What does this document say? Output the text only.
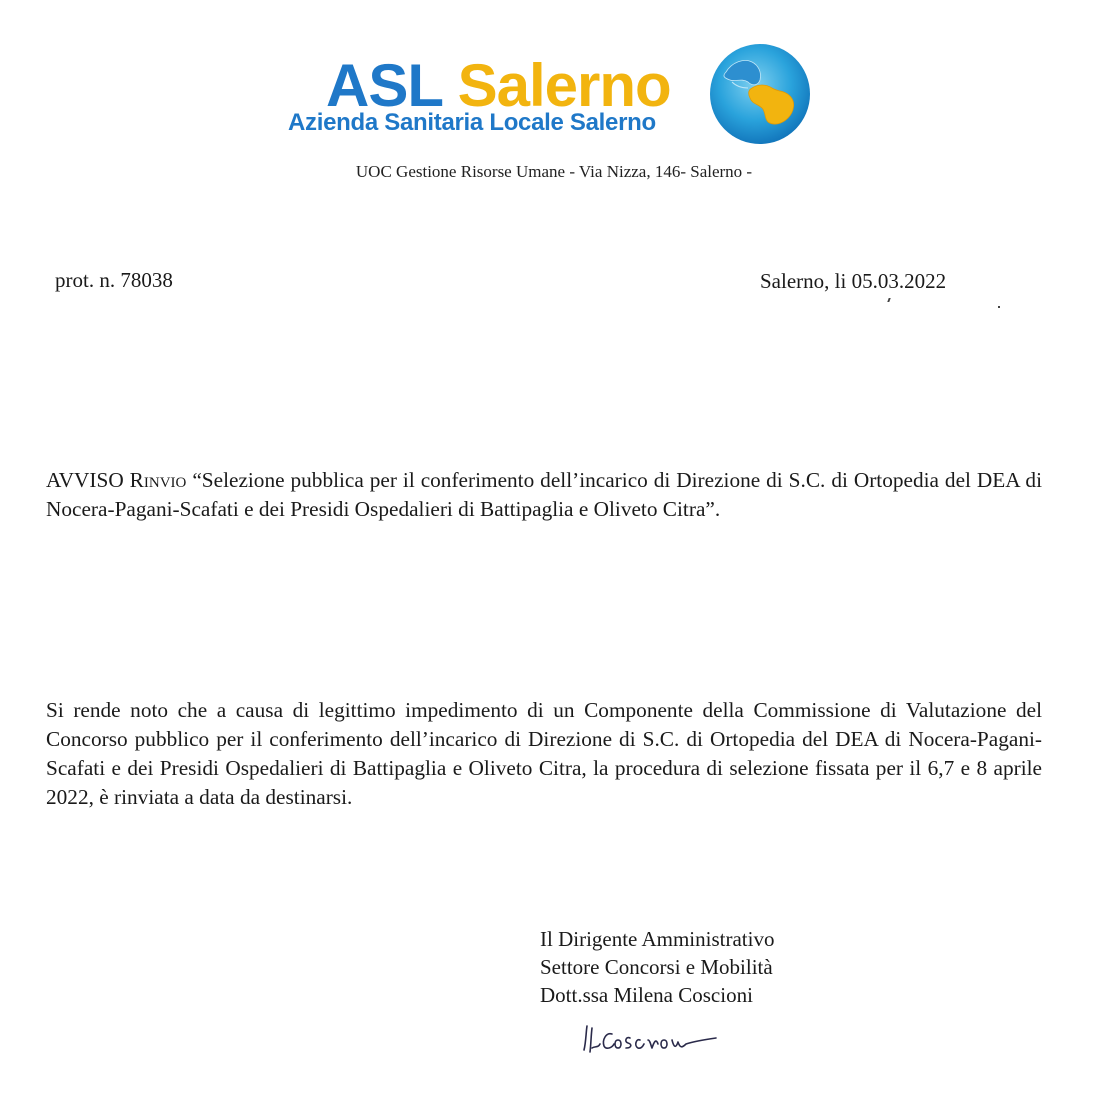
ASL Salerno
Azienda Sanitaria Locale Salerno
UOC Gestione Risorse Umane - Via Nizza, 146- Salerno -
prot. n. 78038	Salerno, li 05.03.2022
AVVISO Rinvio “Selezione pubblica per il conferimento dell’incarico di Direzione di S.C. di Ortopedia del DEA di Nocera-Pagani-Scafati e dei Presidi Ospedalieri di Battipaglia e Oliveto Citra”.
Si rende noto che a causa di legittimo impedimento di un Componente della Commissione di Valutazione del Concorso pubblico per il conferimento dell’incarico di Direzione di S.C. di Ortopedia del DEA di Nocera-Pagani-Scafati e dei Presidi Ospedalieri di Battipaglia e Oliveto Citra, la procedura di selezione fissata per il 6,7 e 8 aprile 2022, è rinviata a data da destinarsi.
Il Dirigente Amministrativo
Settore Concorsi e Mobilità
Dott.ssa Milena Coscioni
